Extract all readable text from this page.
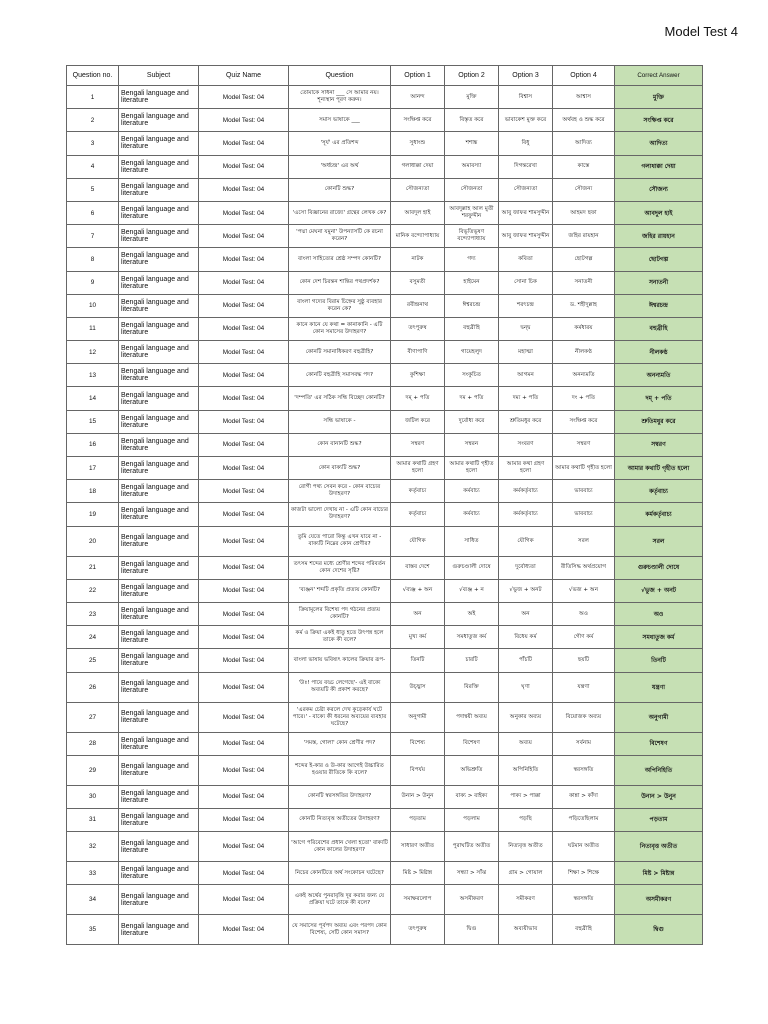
Model Test 4
Question no.	Subject	Quiz Name	Question	Option 1	Option 2	Option 3	Option 4	Correct Answer
1	Bengali language and literature	Model Test: 04	তোমাকে সাধনা ___ সে আমার নয়। শূন্যস্থান পূরণ করুন।	আনন্দ	মুক্তি	বিশ্বাস	আশ্বাস	মুক্তি
2	Bengali language and literature	Model Test: 04	সমাস ভাষাকে ___	সংক্ষিপ্ত করে	বিস্তৃত করে	ভাবাকেশ মুক্ত করে	অর্থবহ ও শুদ্ধ করে	সংক্ষিপ্ত করে
3	Bengali language and literature	Model Test: 04	'সূর্য' এর প্রতিশব্দ	সুধাংশু	শশাঙ্ক	বিধু	আদিত্য	আদিত্য
4	Bengali language and literature	Model Test: 04	'অর্ধচন্দ্র' এর অর্থ	গলাধাক্কা দেয়া	অমাবস্যা	দিগন্তরেখা	কাস্তে	গলাধাক্কা দেয়া
5	Bengali language and literature	Model Test: 04	কোনটি শুদ্ধ?	সৌজন্যতা	সৌজনতা	সৌজন্যতা	সৌজন্য	সৌজন্য
6	Bengali language and literature	Model Test: 04	'এসো বিজ্ঞানের রাজ্যে' গ্রন্থের লেখক কে?	আবদুল হাই	আবদুল্লাহ আল মুতী শরফুদ্দীন	আবু জাফর শামসুদ্দীন	আহমদ ছফা	আবদুল হাই
7	Bengali language and literature	Model Test: 04	'পদ্মা মেঘনা যমুনা' উপন্যাসটি কে রচনা করেন?	মানিক বন্দ্যোপাধ্যায়	বিভূতিভূষণ বন্দ্যোপাধ্যায়	আবু জাফর শামসুদ্দীন	জহির রায়হান	জহির রায়হান
8	Bengali language and literature	Model Test: 04	বাংলা সাহিত্যের শ্রেষ্ঠ সম্পদ কোনটি?	নাটক	গদ্য	কবিতা	ছোটগল্প	ছোটগল্প
9	Bengali language and literature	Model Test: 04	কোন দেশ চিরন্তন শান্তির পথপ্রদর্শক?	বসুমতী	হাইমেন	সোনা চিক	সনাতনী	সনাতনী
10	Bengali language and literature	Model Test: 04	বাংলা গদ্যের বিরাম চিহ্নের সুষ্ঠু ব্যবহার করেন কে?	রবীন্দ্রনাথ	ঈশ্বরচন্দ্র	শরৎচন্দ্র	ড. শহীদুল্লাহ	ঈশ্বরচন্দ্র
11	Bengali language and literature	Model Test: 04	কানে কানে যে কথা = কানাকানি - এটি কোন সমাসের উদাহরণ?	তৎপুরুষ	বহুব্রীহি	দ্বন্দ্ব	কর্মধারয়	বহুব্রীহি
12	Bengali language and literature	Model Test: 04	কোনটি সমানাধিকরণ বহুব্রীহি?	বীণাপাণি	গায়েহলুদ	মহাত্মা	নীলকণ্ঠ	নীলকণ্ঠ
13	Bengali language and literature	Model Test: 04	কোনটি বহুব্রীহি সমাসবদ্ধ পদ?	কুশিক্ষা	সংকুচিত	আগমন	অনন্যমতি	অনন্যমতি
14	Bengali language and literature	Model Test: 04	'দম্পতি' এর সঠিক সন্ধি বিচ্ছেদ কোনটি?	দম্ + পতি	দম + পতি	দম্য + পতি	দং + পতি	দম্ + পতি
15	Bengali language and literature	Model Test: 04	সন্ধি ভাষাকে -	জটিল করে	দুর্বোধ্য করে	শ্রুতিমধুর করে	সংক্ষিপ্ত করে	শ্রুতিমধুর করে
16	Bengali language and literature	Model Test: 04	কোন বানানটি শুদ্ধ?	সম্বরণ	সম্বরন	সংবরণ	সম্বরণ	সম্বরণ
17	Bengali language and literature	Model Test: 04	কোন বাক্যটি শুদ্ধ?	আমার কথাটি গ্রহণ হলো	আমার কথাটি গৃহীত হলো	আমার কথা গ্রহণ হলো	আমার কথাটি গৃহীত হলো	আমার কথাটি গৃহীত হলো
18	Bengali language and literature	Model Test: 04	রোগী পথ্য সেবন করে - কোন বাচ্যের উদাহরণ?	কর্তৃবাচ্য	কর্মবাচ্য	কর্মকর্তৃবাচ্য	ভাববাচ্য	কর্তৃবাচ্য
19	Bengali language and literature	Model Test: 04	কাজটা ভালো দেখায় না - এটি কোন বাচ্যের উদাহরণ?	কর্তৃবাচ্য	কর্মবাচ্য	কর্মকর্তৃবাচ্য	ভাববাচ্য	কর্মকর্তৃবাচ্য
20	Bengali language and literature	Model Test: 04	তুমি যেতে পারো কিন্তু এখন যাবে না - বাক্যটি নিম্নের কোন শ্রেণীর?	যৌগিক	সাধিত	যৌগিক	সরল	সরল
21	Bengali language and literature	Model Test: 04	তৎসম শব্দের মধ্যে শ্রেণীর শব্দের পরিবর্তন কোন দেশের সৃষ্টি?	বাস্তব দেশে	গুরুচণ্ডালী দোষে	দুর্বোধ্যতা	রীতিসিদ্ধ অর্থপ্রয়োগ	গুরুচণ্ডালী দোষে
22	Bengali language and literature	Model Test: 04	'ব্যঞ্জন' শব্দটি প্রকৃতি প্রত্যয় কোনটি?	√ব্যঞ্জ + অন	√ব্যঞ্জ + ন	√ভুজ + অনট	√ভজ + অন	√ভুজ + অনট
23	Bengali language and literature	Model Test: 04	ক্রিয়ামূলের বিশেষ্য পদ গঠনের প্রত্যয় কোনটি?	অন	অই	অন	অও	অও
24	Bengali language and literature	Model Test: 04	কর্ম ও ক্রিয়া একই ধাতু হতে উৎপন্ন হলে তাকে কী বলে?	মুখ্য কর্ম	সমধাতুজ কর্ম	বিধেয় কর্ম	গৌণ কর্ম	সমধাতুজ কর্ম
25	Bengali language and literature	Model Test: 04	বাংলা ভাষায় ভবিষ্যৎ কালের ক্রিয়ার রূপ-	তিনটি	চারটি	পাঁচটি	ছয়টি	তিনটি
26	Bengali language and literature	Model Test: 04	'উঃ! পায়ে বড্ড লেগেছে'- এই বাক্যে অব্যয়টি কী প্রকাশ করছে?	উচ্ছ্বাস	বিরক্তি	ঘৃণা	যন্ত্রণা	যন্ত্রণা
27	Bengali language and literature	Model Test: 04	'এরকম চেষ্টা করলে দেখ কুড়েকার্য ঘটে পারে।' - বাক্যে কী ধরনের অব্যয়ের ব্যবহার ঘটেছে?	অনুগামী	পদান্বয়ী অব্যয়	অনুকার অব্যয়	বিয়োজক অব্যয়	অনুগামী
28	Bengali language and literature	Model Test: 04	'সমস্ত, গোলা' কোন শ্রেণীর পদ?	বিশেষ্য	বিশেষণ	অব্যয়	সর্বনাম	বিশেষণ
29	Bengali language and literature	Model Test: 04	শব্দের ই-কার ও উ-কার আগেই উচ্চারিত হওয়ার রীতিকে কি বলে?	বিপর্যয়	অভিশ্রুতি	অপিনিহিতি	স্বরসঙ্গতি	অপিনিহিতি
30	Bengali language and literature	Model Test: 04	কোনটি স্বরসঙ্গতির উদাহরণ?	উনান > উনুন	বাক্য > বাইক্য	পাক্য > পাক্কা	কান্না > কাঁদা	উনান > উনুন
31	Bengali language and literature	Model Test: 04	কোনটি নিত্যবৃত্ত অতীতের উদাহরণ?	পড়তাম	পড়লাম	পড়ছি	পড়িতেছিলাম	পড়তাম
32	Bengali language and literature	Model Test: 04	'আগে পরিবেশের প্রধান খেলা হতো' বাক্যটি কোন কালের উদাহরণ?	সাধারণ অতীত	পুরাঘটিত অতীত	নিত্যবৃত্ত অতীত	ঘটমান অতীত	নিত্যবৃত্ত অতীত
33	Bengali language and literature	Model Test: 04	নিচের কোনটিতে অর্থ সংকোচন ঘটেছে?	মিষ্ট > মিষ্টান্ন	সন্ধ্যা > সাঁঝ	গ্রাম > গোয়াল	শিক্ষা > শিক্ষে	মিষ্ট > মিষ্টান্ন
34	Bengali language and literature	Model Test: 04	একই অর্থের পুনরাবৃত্তি দূর করার জন্য যে প্রক্রিয়া ঘটে তাকে কী বলে?	সমাক্ষরলোপ	অসমীকরণ	সমীকরণ	স্বরসঙ্গতি	অসমীকরণ
35	Bengali language and literature	Model Test: 04	যে সমাসের পূর্বপদ অব্যয় এবং পরপদ কোন বিশেষ্য, সেটি কোন সমাস?	তৎপুরুষ	দ্বিগু	অব্যয়ীভাব	বহুব্রীহি	দ্বিগু
